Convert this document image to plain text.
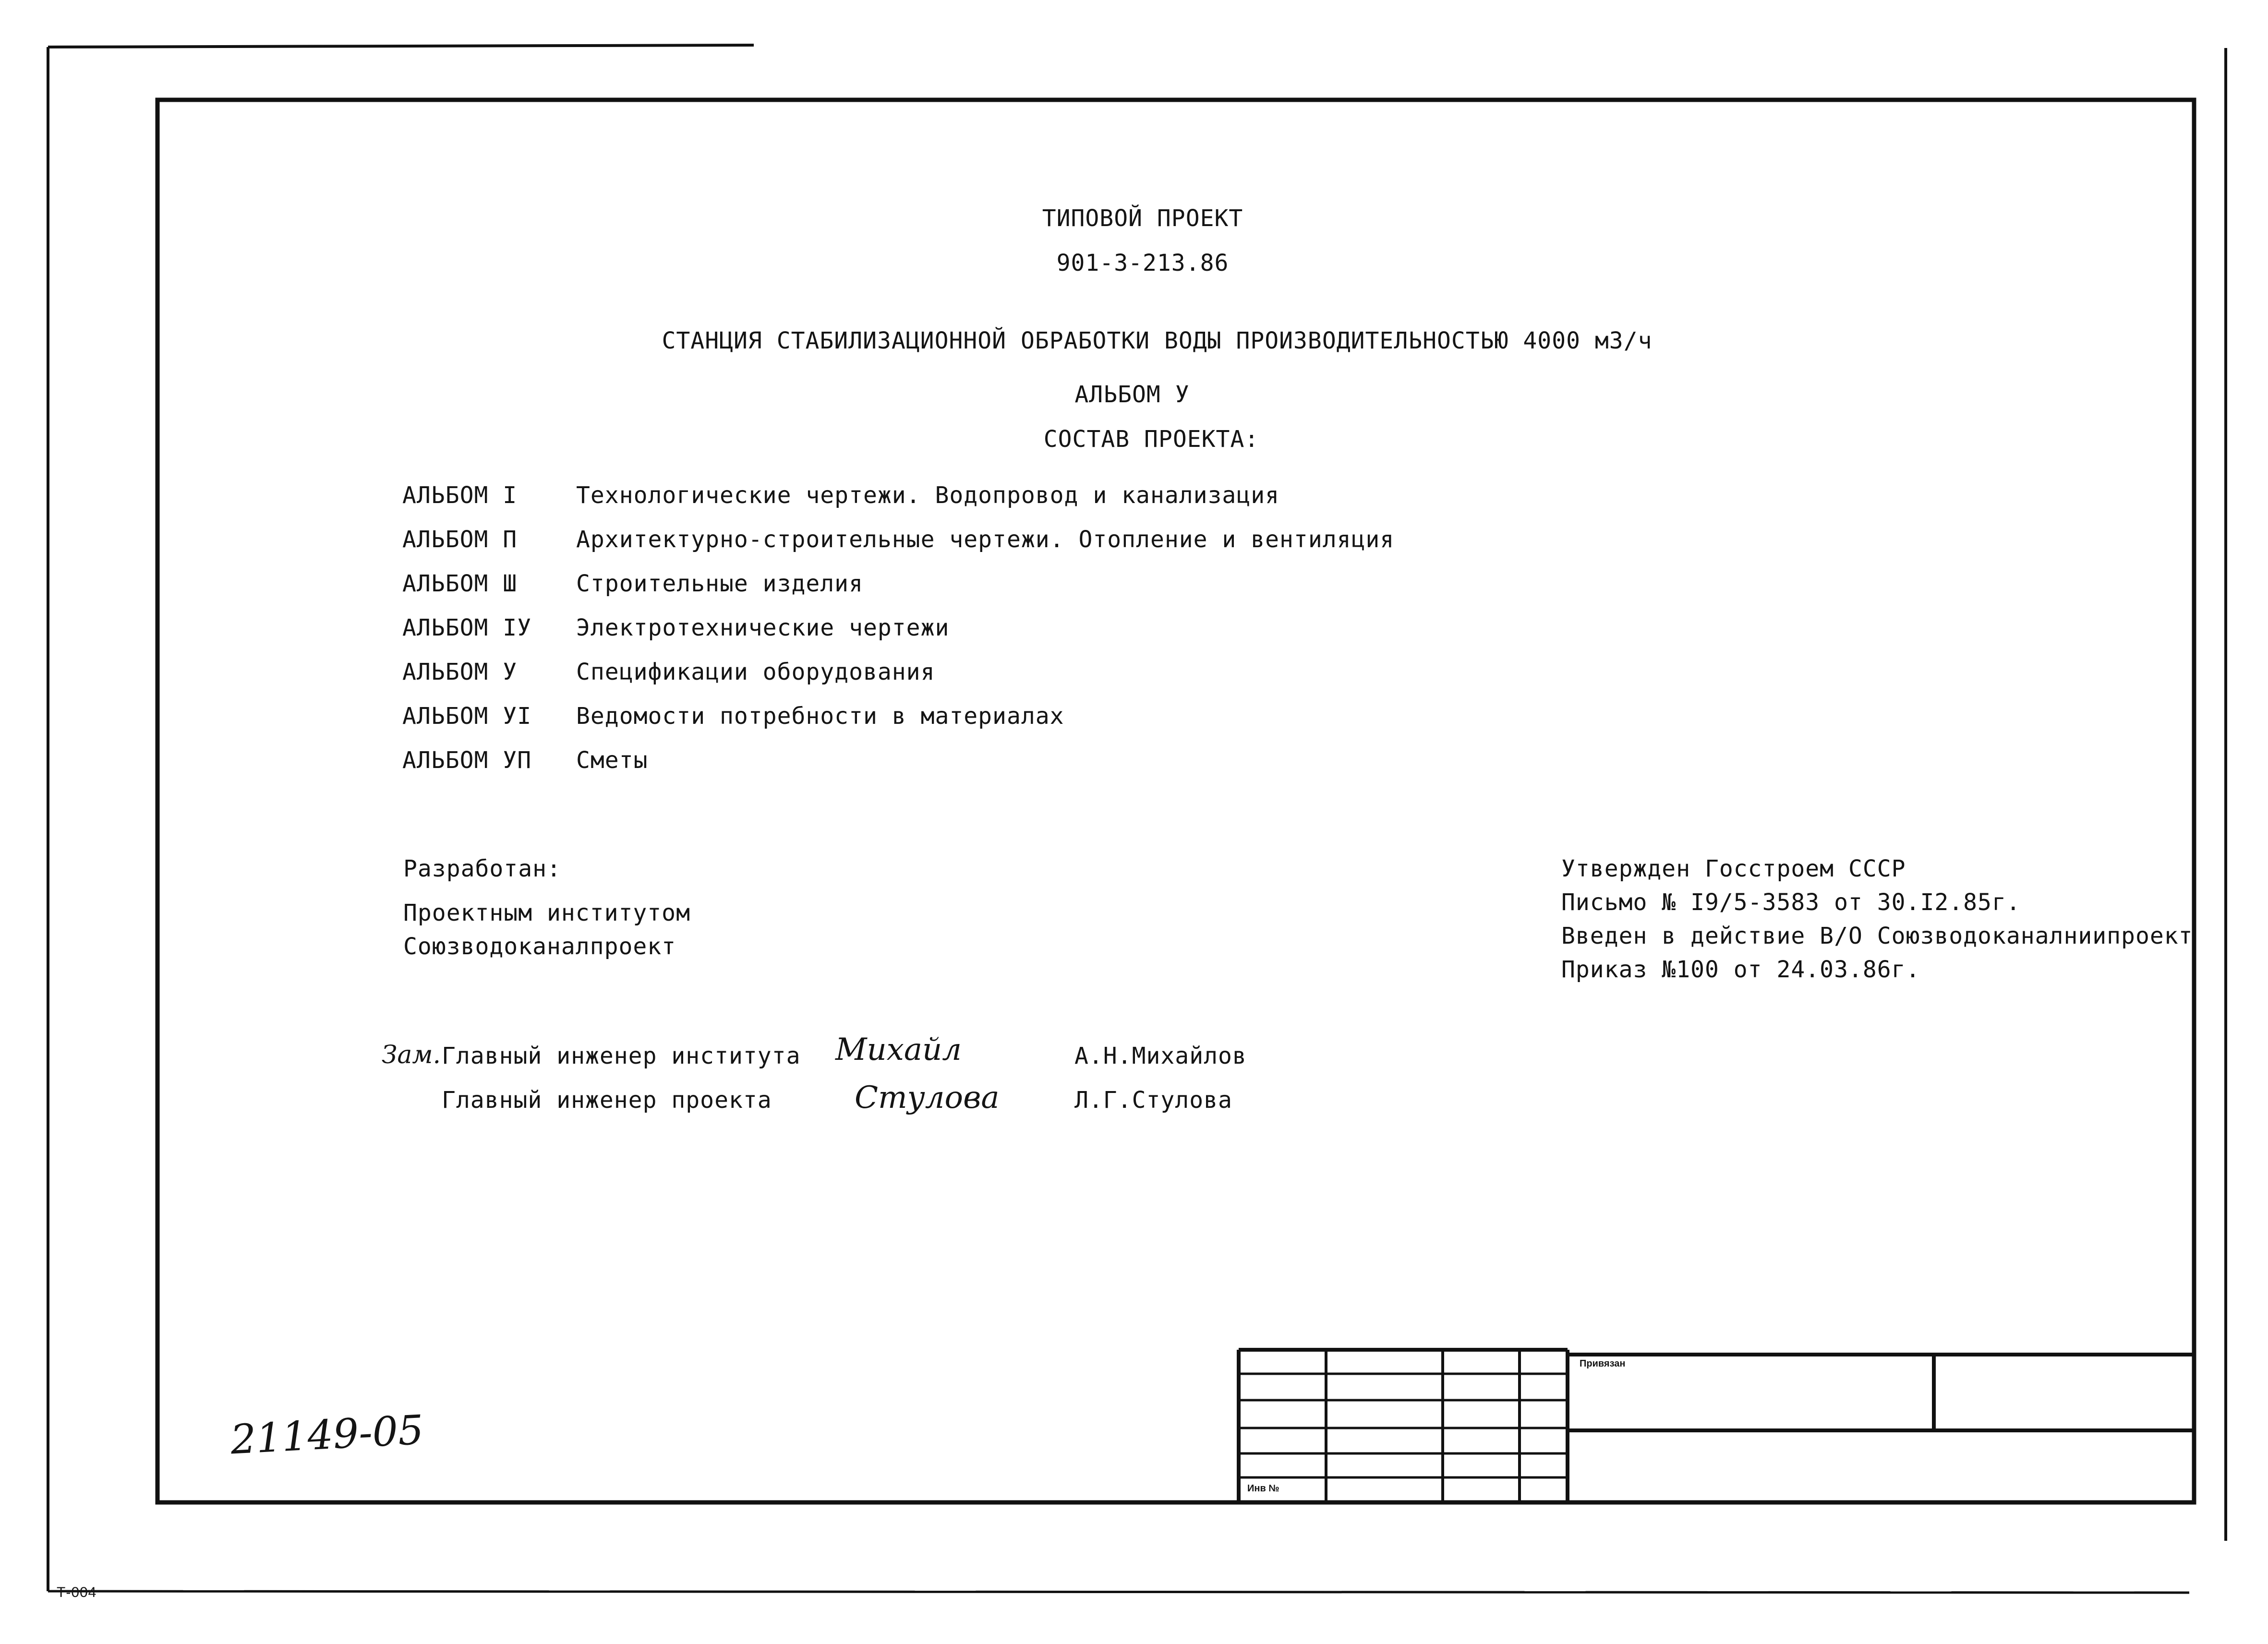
ТИПОВОЙ ПРОЕКТ
901-3-213.86
СТАНЦИЯ СТАБИЛИЗАЦИОННОЙ ОБРАБОТКИ ВОДЫ ПРОИЗВОДИТЕЛЬНОСТЬЮ 4000 м3/ч
АЛЬБОМ У
СОСТАВ ПРОЕКТА:
АЛЬБОМ I	Технологические чертежи. Водопровод и канализация
АЛЬБОМ П	Архитектурно-строительные чертежи. Отопление и вентиляция
АЛЬБОМ Ш	Строительные изделия
АЛЬБОМ IУ Электротехнические чертежи
АЛЬБОМ У	Спецификации оборудования
АЛЬБОМ УI Ведомости потребности в материалах
АЛЬБОМ УП Сметы
Разработан:
Проектным институтом
Союзводоканалпроект
Утвержден Госстроем СССР
Письмо № I9/5-3583 от 30.I2.85г.
Введен в действие В/О Союзводоканалниипроект
Приказ №100 от 24.03.86г.
Зам. Главный инженер института Михайл	А.Н.Михайлов
Главный инженер проекта	Стулова	Л.Г.Стулова
Привязан
Инв №
21149-05
Т-004
